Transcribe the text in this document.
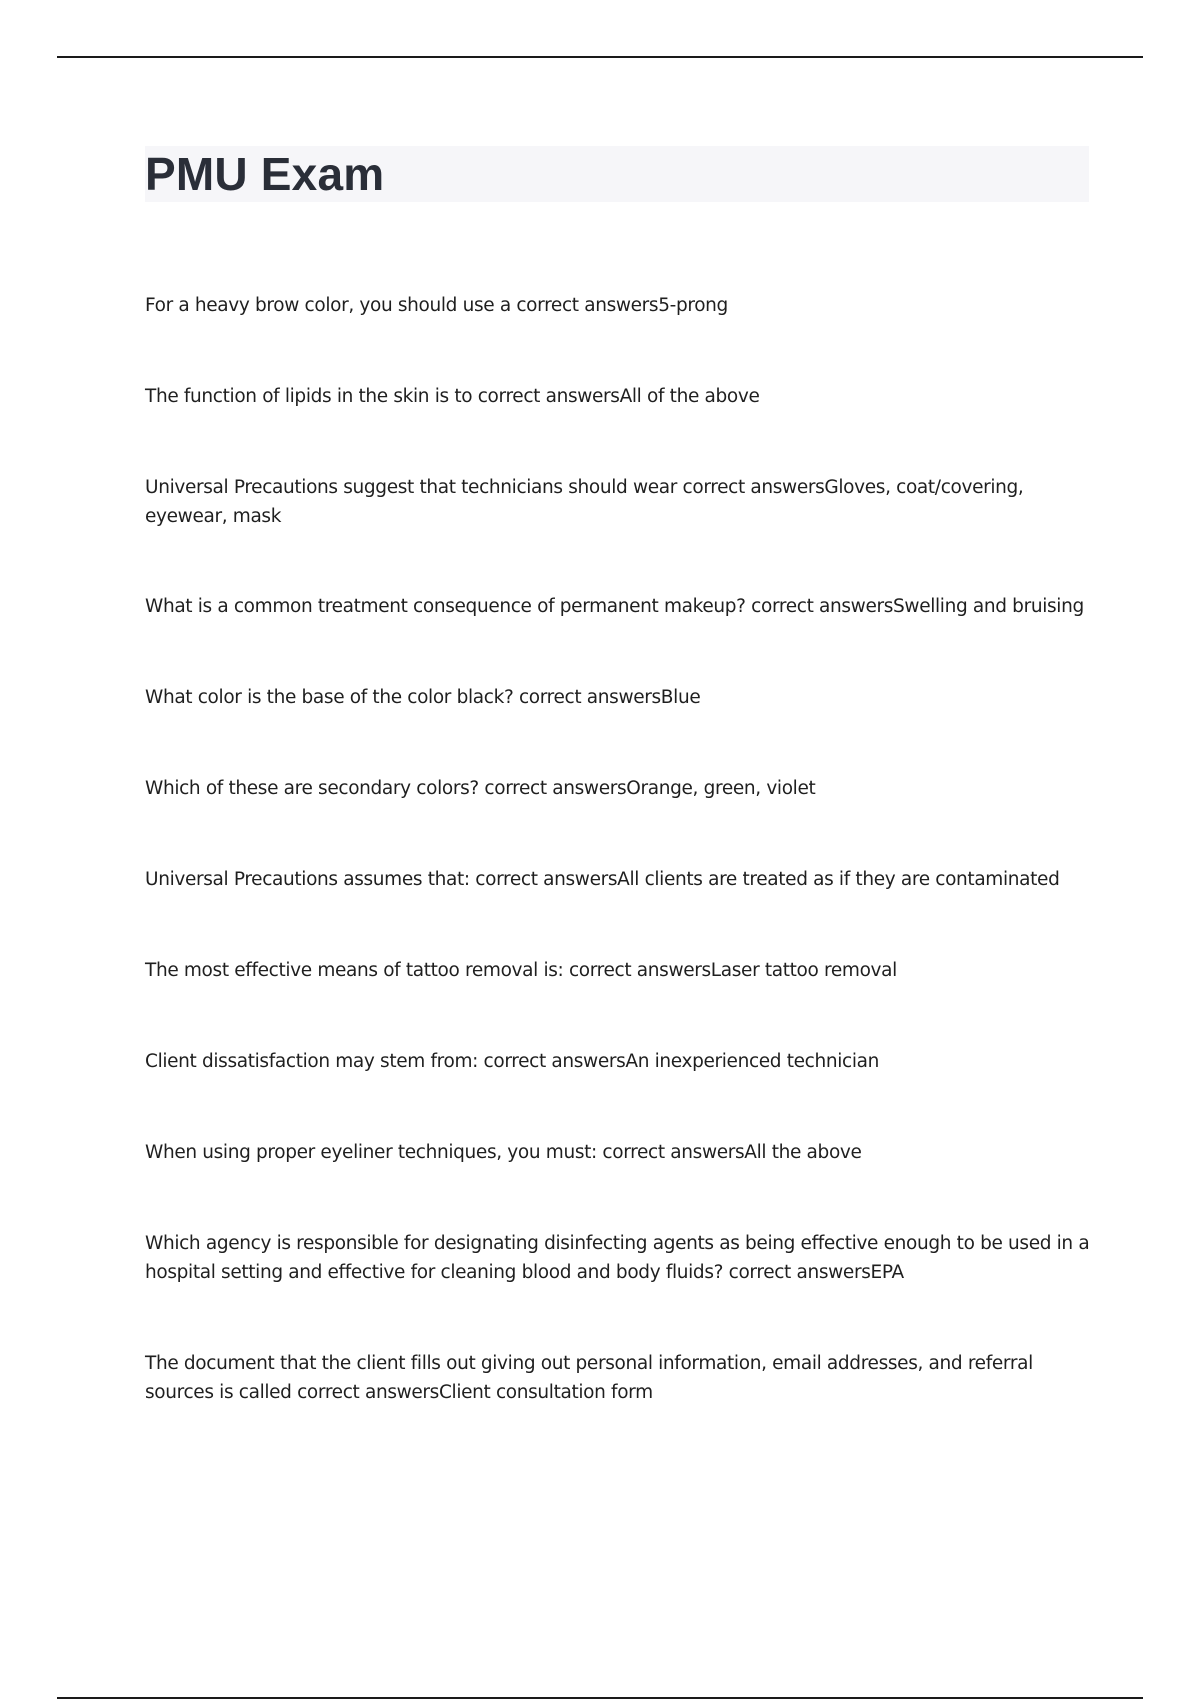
PMU Exam
For a heavy brow color, you should use a correct answers5-prong
The function of lipids in the skin is to correct answersAll of the above
Universal Precautions suggest that technicians should wear correct answersGloves, coat/covering, eyewear, mask
What is a common treatment consequence of permanent makeup? correct answersSwelling and bruising
What color is the base of the color black? correct answersBlue
Which of these are secondary colors? correct answersOrange, green, violet
Universal Precautions assumes that: correct answersAll clients are treated as if they are contaminated
The most effective means of tattoo removal is: correct answersLaser tattoo removal
Client dissatisfaction may stem from: correct answersAn inexperienced technician
When using proper eyeliner techniques, you must: correct answersAll the above
Which agency is responsible for designating disinfecting agents as being effective enough to be used in a hospital setting and effective for cleaning blood and body fluids? correct answersEPA
The document that the client fills out giving out personal information, email addresses, and referral sources is called correct answersClient consultation form
